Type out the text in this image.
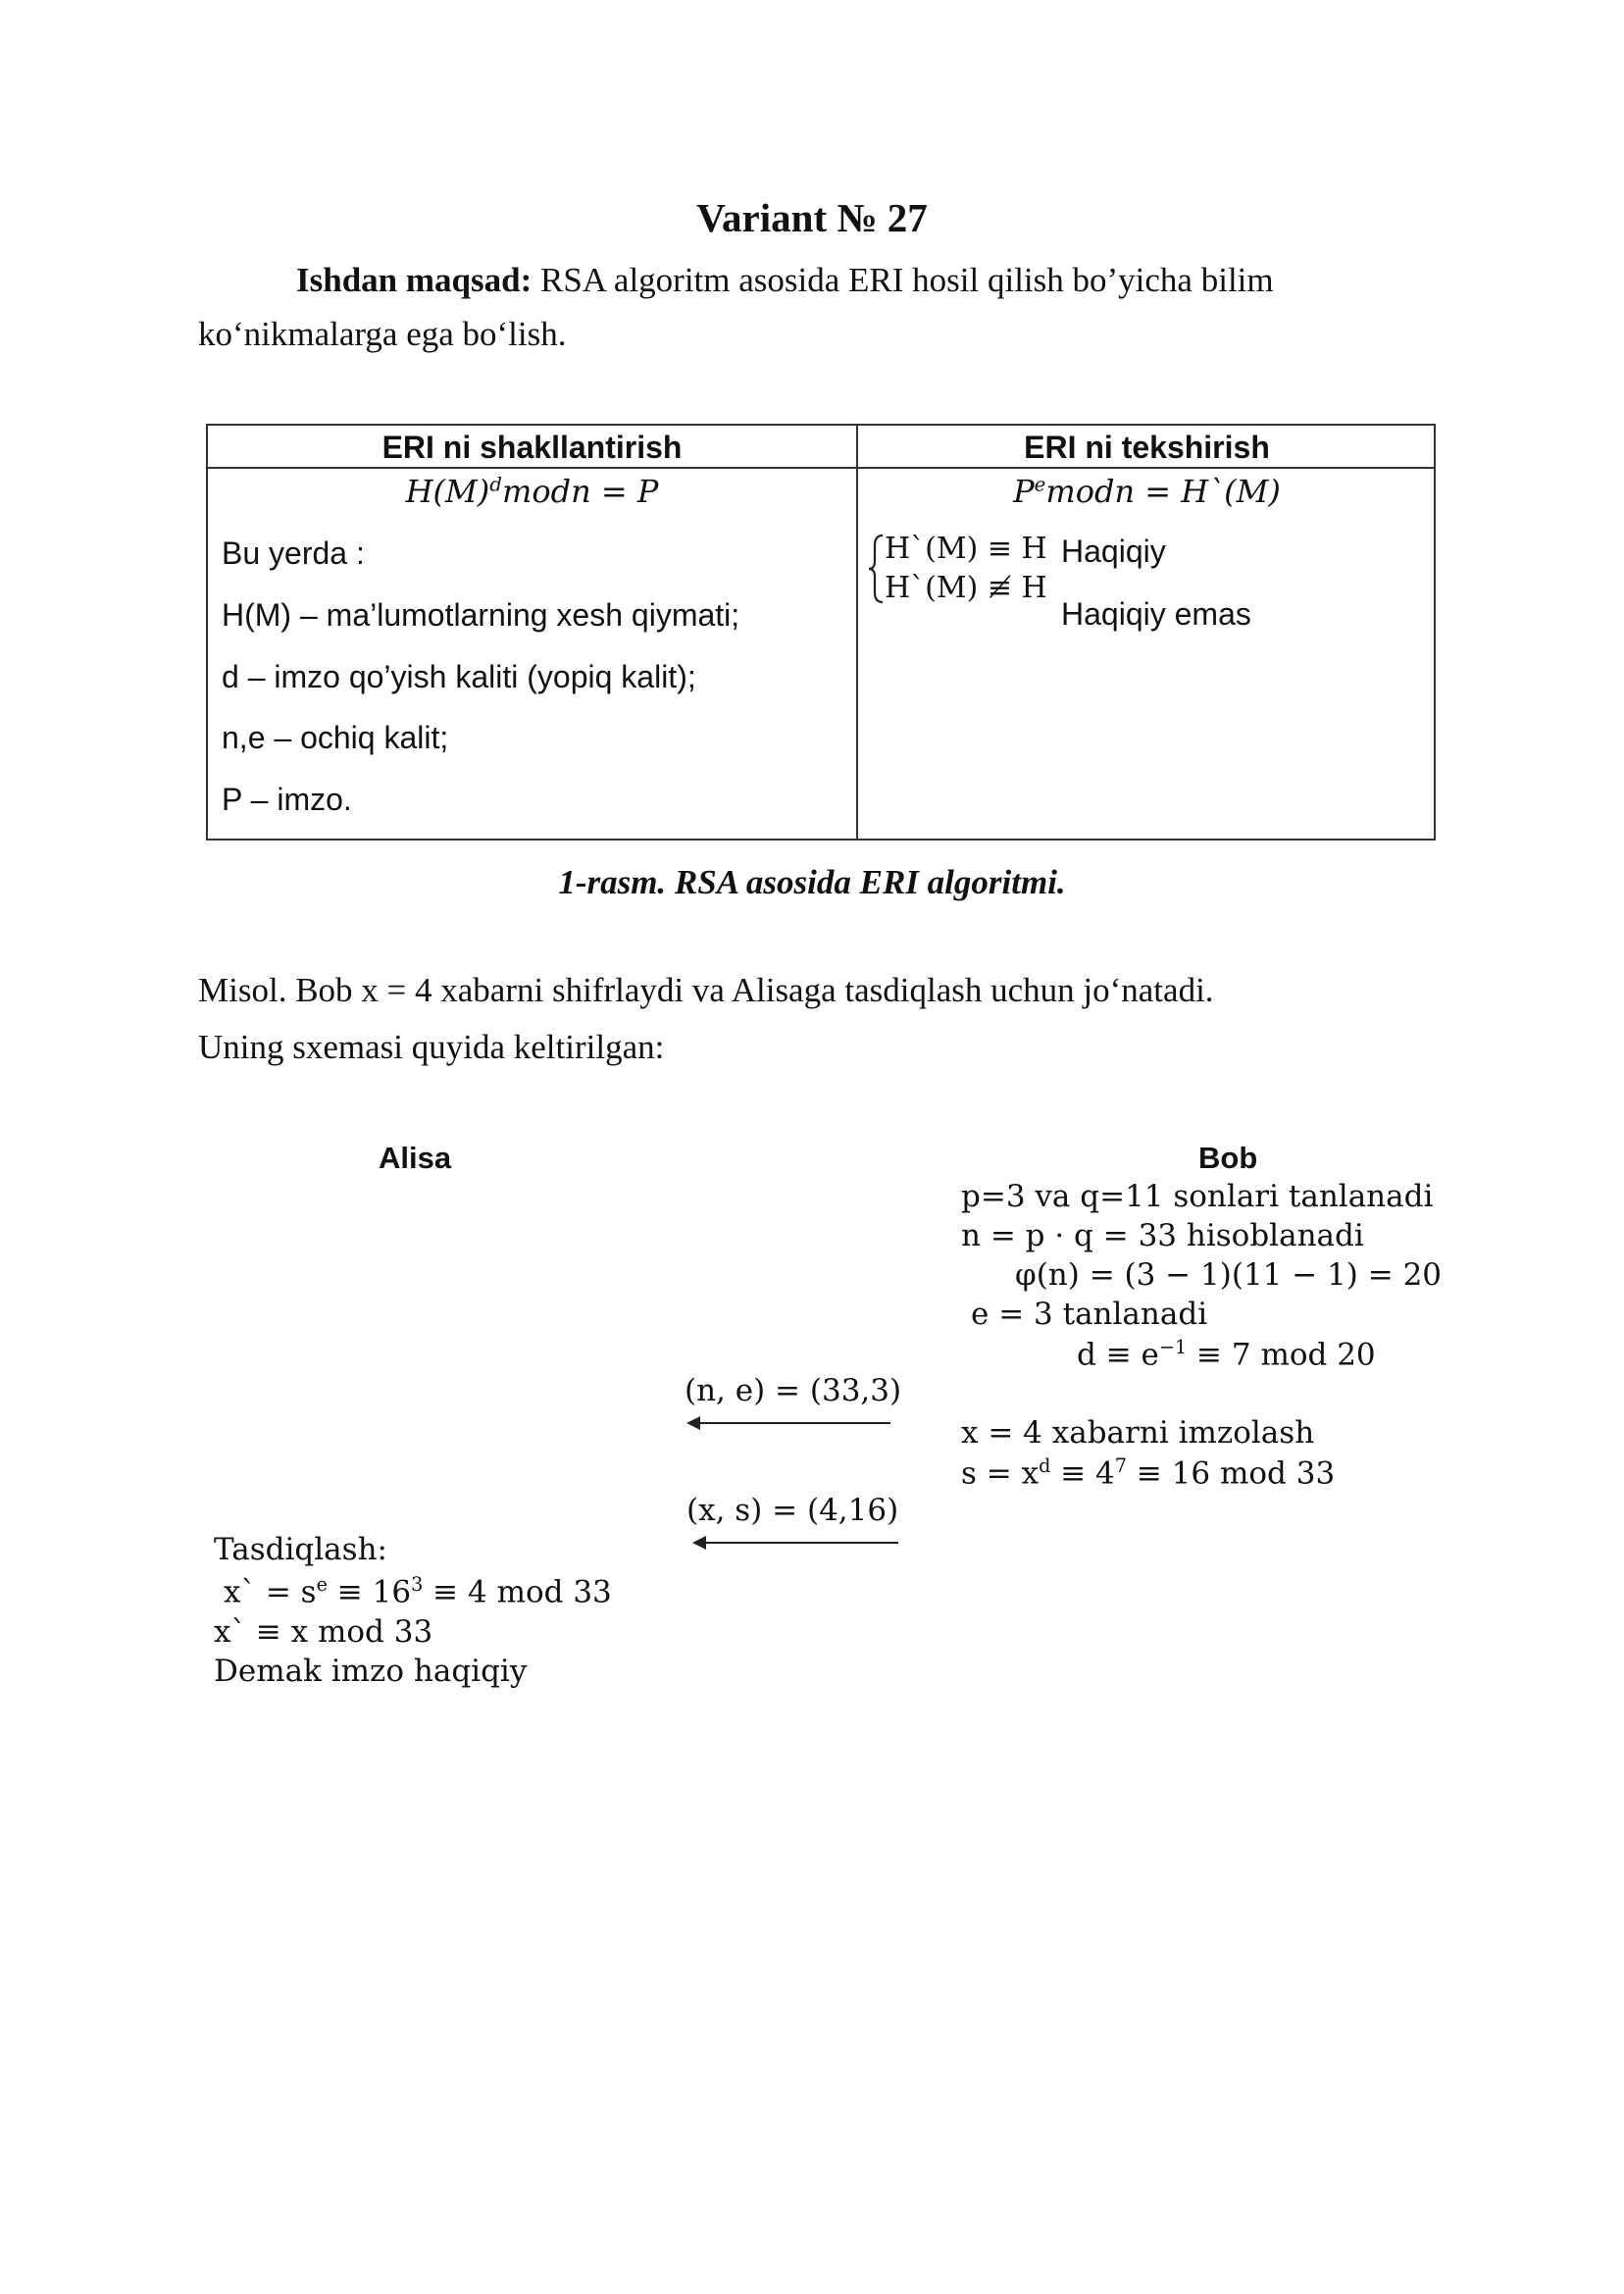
Variant № 27
Ishdan maqsad: RSA algoritm asosida ERI hosil qilish bo’yicha bilim
ko‘nikmalarga ega bo‘lish.
ERI ni shakllantirish	ERI ni tekshirish
$H(M)^dmodn = P$
Bu yerda :
H(M) – ma’lumotlarning xesh qiymati;
d – imzo qo’yish kaliti (yopiq kalit);
n,e – ochiq kalit;
P – imzo.
$P^emodn$ = H`(M)
H`(M) ≡ H
H`(M) ≢ H
Haqiqiy
Haqiqiy emas
1-rasm. RSA asosida ERI algoritmi.
Misol. Bob x = 4 xabarni shifrlaydi va Alisaga tasdiqlash uchun jo‘natadi.
Uning sxemasi quyida keltirilgan:
Alisa	Bob
p=3 va q=11 sonlari tanlanadi
n = p · q = 33 hisoblanadi
φ(n) = (3 − 1)(11 − 1) = 20
e = 3 tanlanadi
$d \equiv e^{-1} \equiv 7$ mod 20
x = 4 xabarni imzolash
$s = x^d \equiv 4^7 \equiv 16$ mod 33
(n, e) = (33,3)
(x, s) = (4,16)
Tasdiqlash:
x` = $s^e \equiv 16^3 \equiv 4$ mod 33
x` ≡ x mod 33
Demak imzo haqiqiy
